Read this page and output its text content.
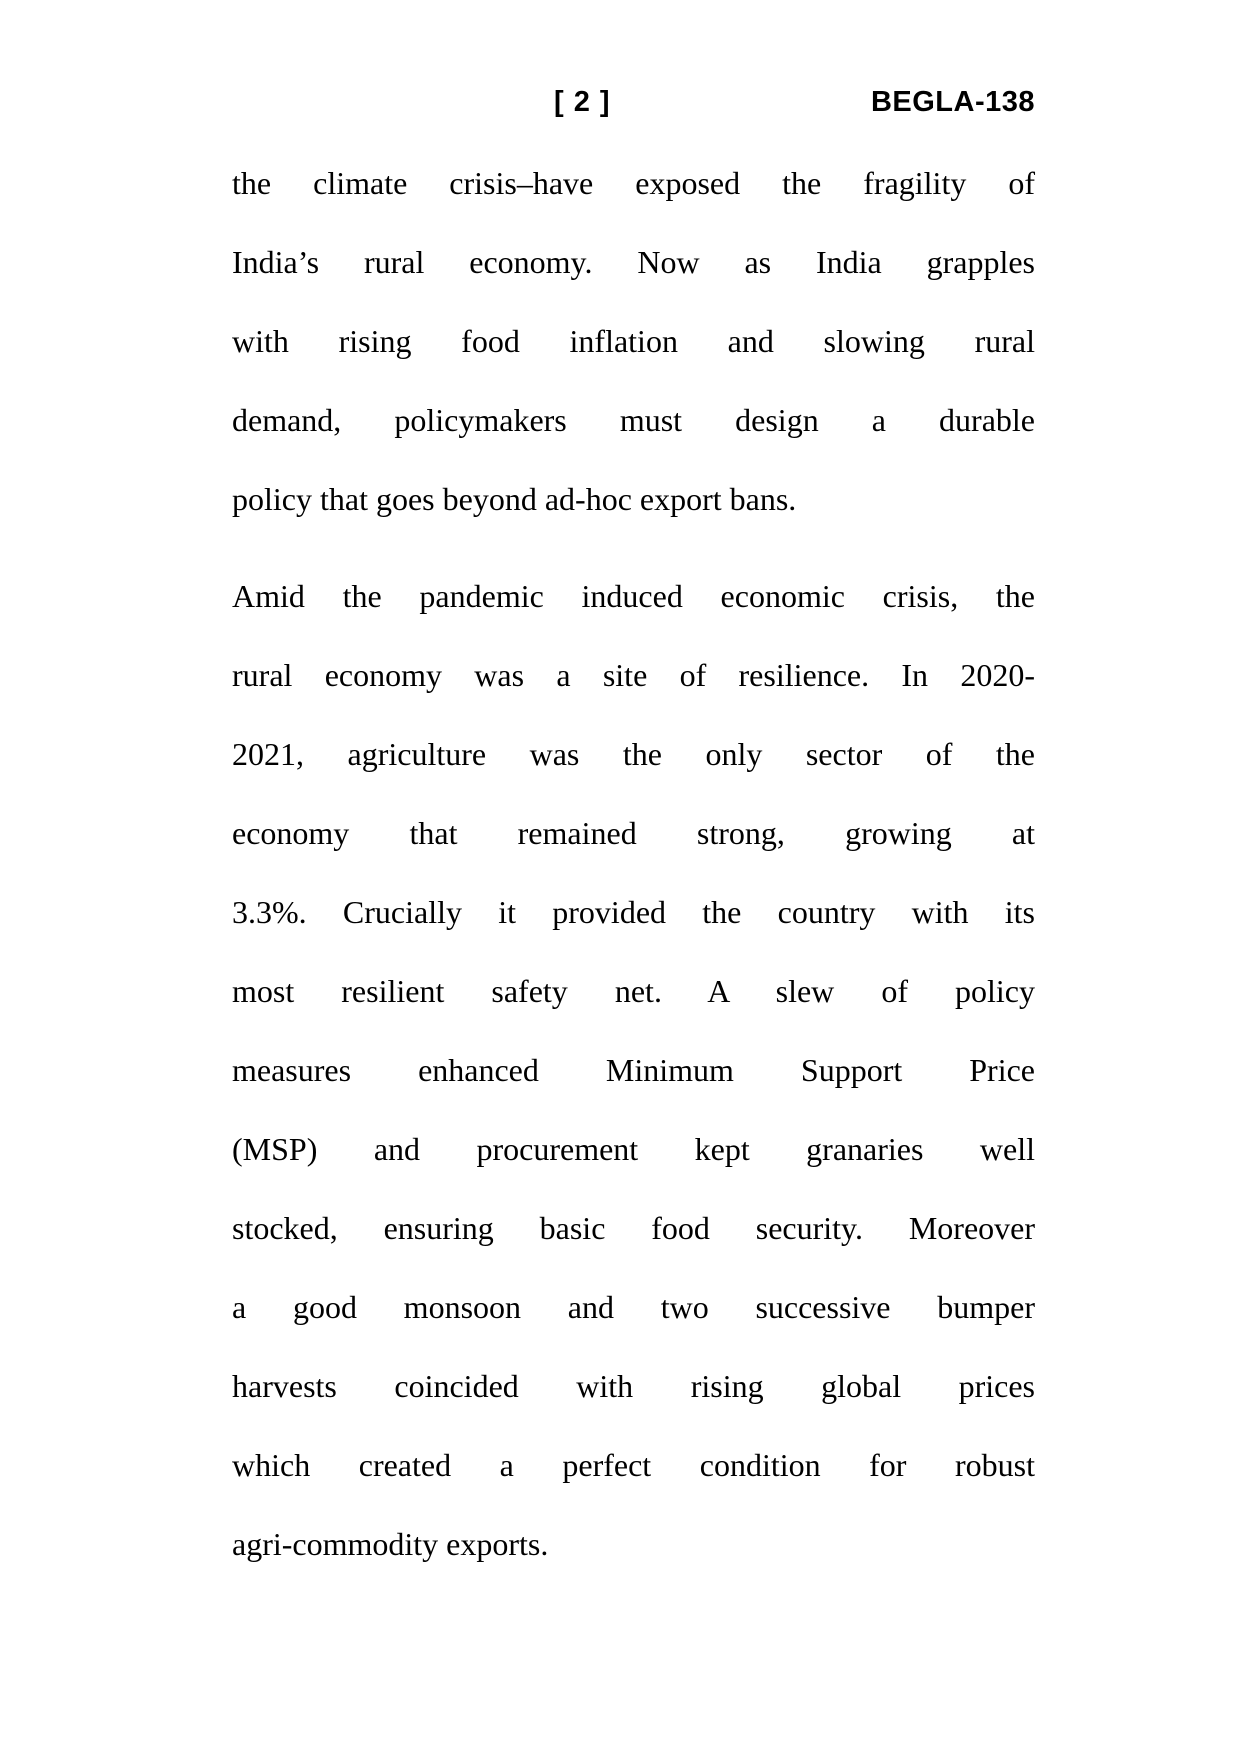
[ 2 ]	BEGLA-138
the climate crisis–have exposed the fragility of
India’s rural economy. Now as India grapples
with rising food inflation and slowing rural
demand, policymakers must design a durable
policy that goes beyond ad-hoc export bans.
Amid the pandemic induced economic crisis, the
rural economy was a site of resilience. In 2020-
2021, agriculture was the only sector of the
economy that remained strong, growing at
3.3%. Crucially it provided the country with its
most resilient safety net. A slew of policy
measures enhanced Minimum Support Price
(MSP) and procurement kept granaries well
stocked, ensuring basic food security. Moreover
a good monsoon and two successive bumper
harvests coincided with rising global prices
which created a perfect condition for robust
agri-commodity exports.
